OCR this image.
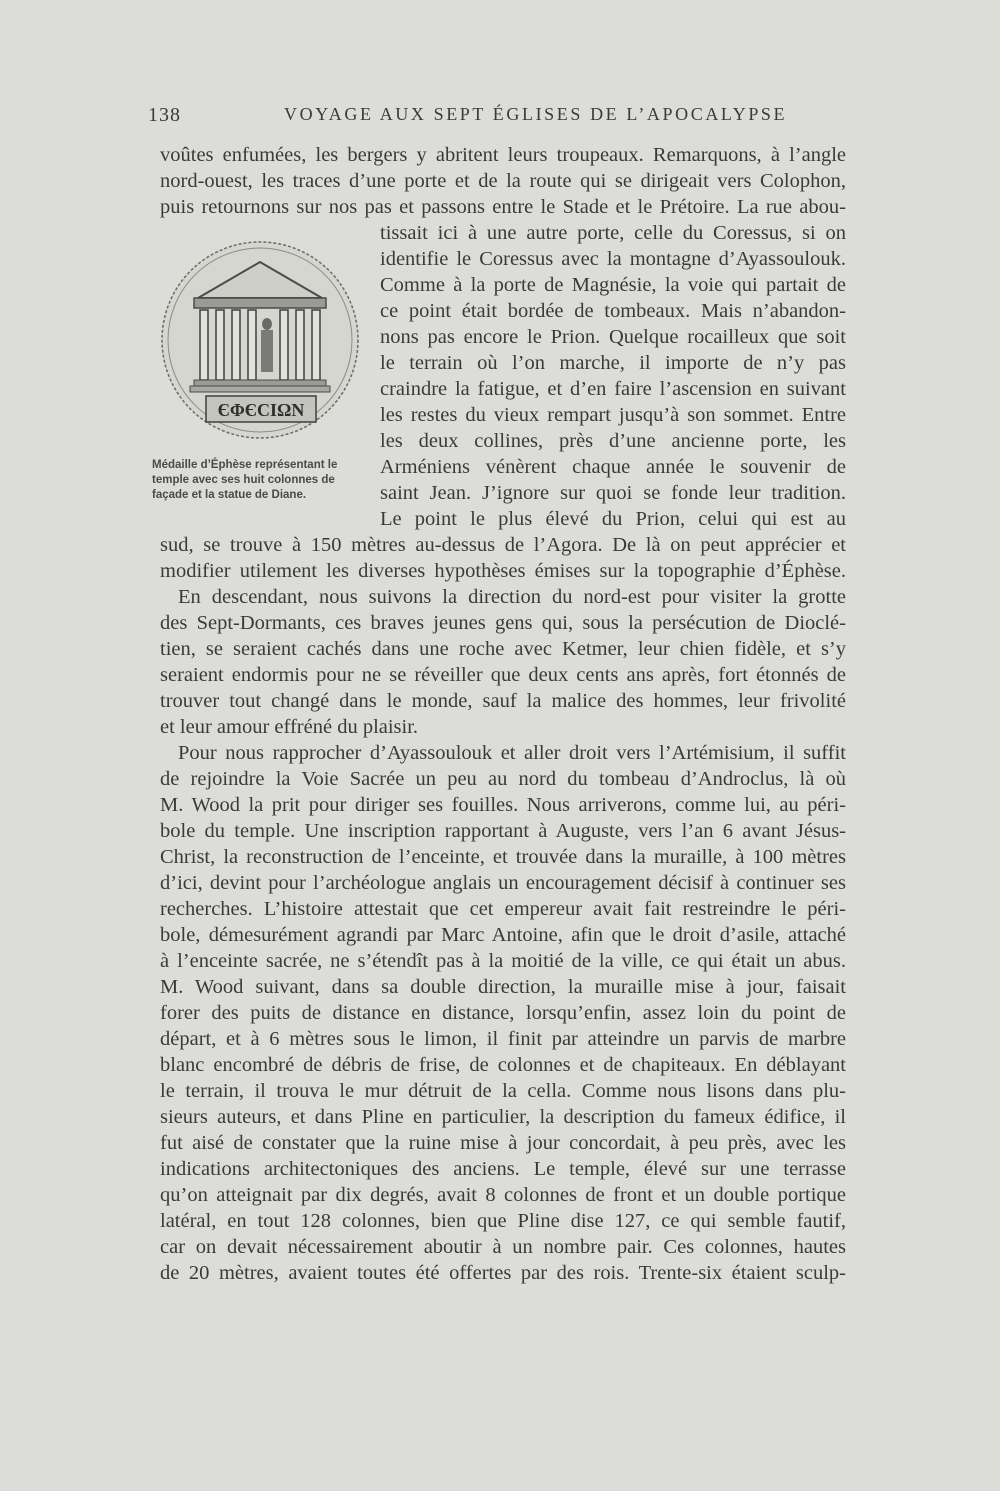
138	VOYAGE AUX SEPT ÉGLISES DE L’APOCALYPSE
ЄΦЄCIΩN
Médaille d’Éphèse représentant le
temple avec ses huit colonnes de
façade et la statue de Diane.
voûtes enfumées, les bergers y abritent leurs troupeaux. Remarquons, à l’angle
nord-ouest, les traces d’une porte et de la route qui se dirigeait vers Colophon,
puis retournons sur nos pas et passons entre le Stade et le Prétoire. La rue abou-
tissait ici à une autre porte, celle du Coressus, si on
identifie le Coressus avec la montagne d’Ayassoulouk.
Comme à la porte de Magnésie, la voie qui partait de
ce point était bordée de tombeaux. Mais n’abandon-
nons pas encore le Prion. Quelque rocailleux que soit
le terrain où l’on marche, il importe de n’y pas
craindre la fatigue, et d’en faire l’ascension en suivant
les restes du vieux rempart jusqu’à son sommet. Entre
les deux collines, près d’une ancienne porte, les
Arméniens vénèrent chaque année le souvenir de
saint Jean. J’ignore sur quoi se fonde leur tradition.
Le point le plus élevé du Prion, celui qui est au
sud, se trouve à 150 mètres au-dessus de l’Agora. De là on peut apprécier et
modifier utilement les diverses hypothèses émises sur la topographie d’Éphèse.
En descendant, nous suivons la direction du nord-est pour visiter la grotte
des Sept-Dormants, ces braves jeunes gens qui, sous la persécution de Dioclé-
tien, se seraient cachés dans une roche avec Ketmer, leur chien fidèle, et s’y
seraient endormis pour ne se réveiller que deux cents ans après, fort étonnés de
trouver tout changé dans le monde, sauf la malice des hommes, leur frivolité
et leur amour effréné du plaisir.
Pour nous rapprocher d’Ayassoulouk et aller droit vers l’Artémisium, il suffit
de rejoindre la Voie Sacrée un peu au nord du tombeau d’Androclus, là où
M. Wood la prit pour diriger ses fouilles. Nous arriverons, comme lui, au péri-
bole du temple. Une inscription rapportant à Auguste, vers l’an 6 avant Jésus-
Christ, la reconstruction de l’enceinte, et trouvée dans la muraille, à 100 mètres
d’ici, devint pour l’archéologue anglais un encouragement décisif à continuer ses
recherches. L’histoire attestait que cet empereur avait fait restreindre le péri-
bole, démesurément agrandi par Marc Antoine, afin que le droit d’asile, attaché
à l’enceinte sacrée, ne s’étendît pas à la moitié de la ville, ce qui était un abus.
M. Wood suivant, dans sa double direction, la muraille mise à jour, faisait
forer des puits de distance en distance, lorsqu’enfin, assez loin du point de
départ, et à 6 mètres sous le limon, il finit par atteindre un parvis de marbre
blanc encombré de débris de frise, de colonnes et de chapiteaux. En déblayant
le terrain, il trouva le mur détruit de la cella. Comme nous lisons dans plu-
sieurs auteurs, et dans Pline en particulier, la description du fameux édifice, il
fut aisé de constater que la ruine mise à jour concordait, à peu près, avec les
indications architectoniques des anciens. Le temple, élevé sur une terrasse
qu’on atteignait par dix degrés, avait 8 colonnes de front et un double portique
latéral, en tout 128 colonnes, bien que Pline dise 127, ce qui semble fautif,
car on devait nécessairement aboutir à un nombre pair. Ces colonnes, hautes
de 20 mètres, avaient toutes été offertes par des rois. Trente-six étaient sculp-
